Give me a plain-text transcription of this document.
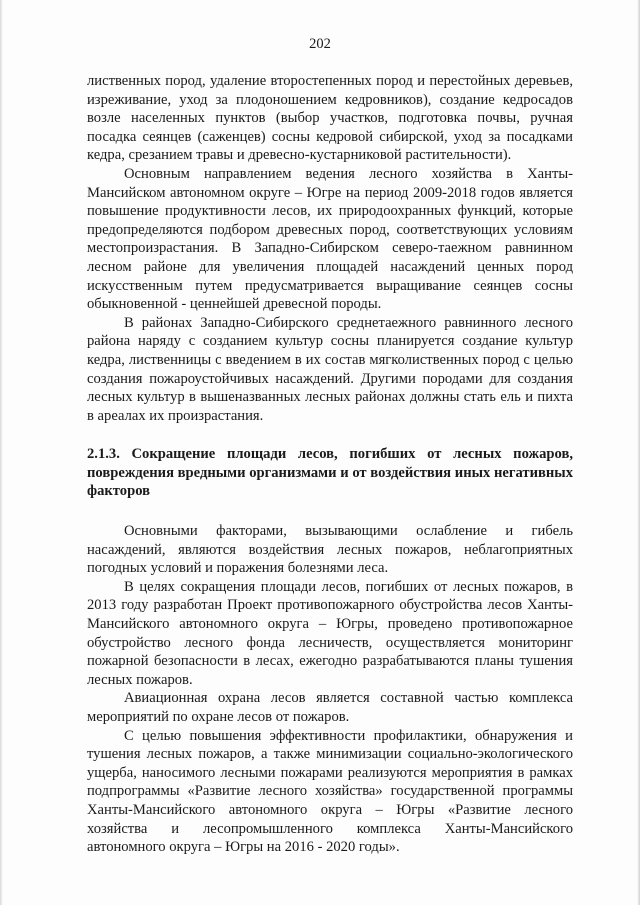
202

лиственных пород, удаление второстепенных пород и перестойных деревьев, изреживание, уход за плодоношением кедровников), создание кедросадов возле населенных пунктов (выбор участков, подготовка почвы, ручная посадка сеянцев (саженцев) сосны кедровой сибирской, уход за посадками кедра, срезанием травы и древесно-кустарниковой растительности).

Основным направлением ведения лесного хозяйства в Ханты-Мансийском автономном округе – Югре на период 2009-2018 годов является повышение продуктивности лесов, их природоохранных функций, которые предопределяются подбором древесных пород, соответствующих условиям местопроизрастания. В Западно-Сибирском северо-таежном равнинном лесном районе для увеличения площадей насаждений ценных пород искусственным путем предусматривается выращивание сеянцев сосны обыкновенной - ценнейшей древесной породы.

В районах Западно-Сибирского среднетаежного равнинного лесного района наряду с созданием культур сосны планируется создание культур кедра, лиственницы с введением в их состав мягколиственных пород с целью создания пожароустойчивых насаждений. Другими породами для создания лесных культур в вышеназванных лесных районах должны стать ель и пихта в ареалах их произрастания.

2.1.3. Сокращение площади лесов, погибших от лесных пожаров, повреждения вредными организмами и от воздействия иных негативных факторов

Основными факторами, вызывающими ослабление и гибель насаждений, являются воздействия лесных пожаров, неблагоприятных погодных условий и поражения болезнями леса.

В целях сокращения площади лесов, погибших от лесных пожаров, в 2013 году разработан Проект противопожарного обустройства лесов Ханты-Мансийского автономного округа – Югры, проведено противопожарное обустройство лесного фонда лесничеств, осуществляется мониторинг пожарной безопасности в лесах, ежегодно разрабатываются планы тушения лесных пожаров.

Авиационная охрана лесов является составной частью комплекса мероприятий по охране лесов от пожаров.

С целью повышения эффективности профилактики, обнаружения и тушения лесных пожаров, а также минимизации социально-экологического ущерба, наносимого лесными пожарами реализуются мероприятия в рамках подпрограммы «Развитие лесного хозяйства» государственной программы Ханты-Мансийского автономного округа – Югры «Развитие лесного хозяйства и лесопромышленного комплекса Ханты-Мансийского автономного округа – Югры на 2016 - 2020 годы».
